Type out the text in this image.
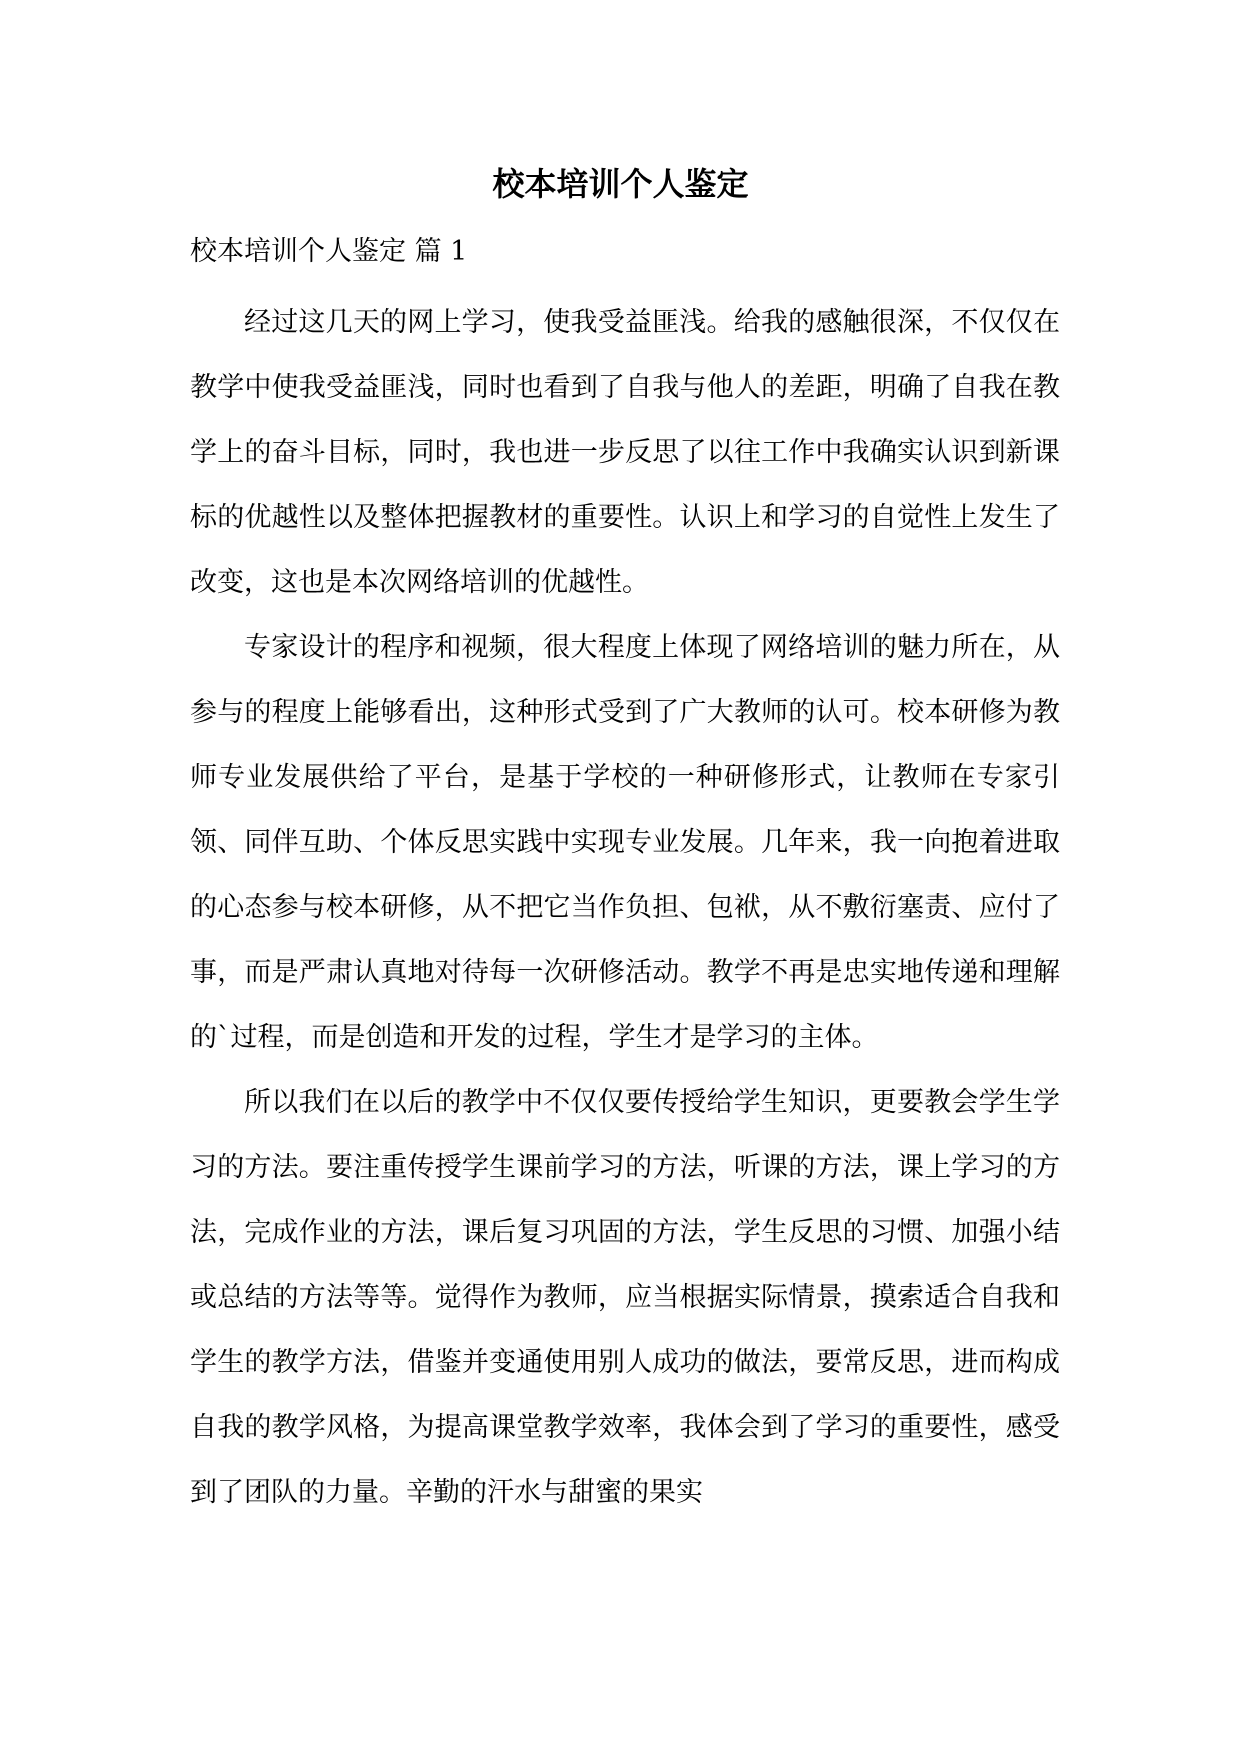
校本培训个人鉴定

校本培训个人鉴定 篇 1

经过这几天的网上学习，使我受益匪浅。给我的感触很深，不仅仅在教学中使我受益匪浅，同时也看到了自我与他人的差距，明确了自我在教学上的奋斗目标，同时，我也进一步反思了以往工作中我确实认识到新课标的优越性以及整体把握教材的重要性。认识上和学习的自觉性上发生了改变，这也是本次网络培训的优越性。

专家设计的程序和视频，很大程度上体现了网络培训的魅力所在，从参与的程度上能够看出，这种形式受到了广大教师的认可。校本研修为教师专业发展供给了平台，是基于学校的一种研修形式，让教师在专家引领、同伴互助、个体反思实践中实现专业发展。几年来，我一向抱着进取的心态参与校本研修，从不把它当作负担、包袱，从不敷衍塞责、应付了事，而是严肃认真地对待每一次研修活动。教学不再是忠实地传递和理解的`过程，而是创造和开发的过程，学生才是学习的主体。

所以我们在以后的教学中不仅仅要传授给学生知识，更要教会学生学习的方法。要注重传授学生课前学习的方法，听课的方法，课上学习的方法，完成作业的方法，课后复习巩固的方法，学生反思的习惯、加强小结或总结的方法等等。觉得作为教师，应当根据实际情景，摸索适合自我和学生的教学方法，借鉴并变通使用别人成功的做法，要常反思，进而构成自我的教学风格，为提高课堂教学效率，我体会到了学习的重要性，感受到了团队的力量。辛勤的汗水与甜蜜的果实
